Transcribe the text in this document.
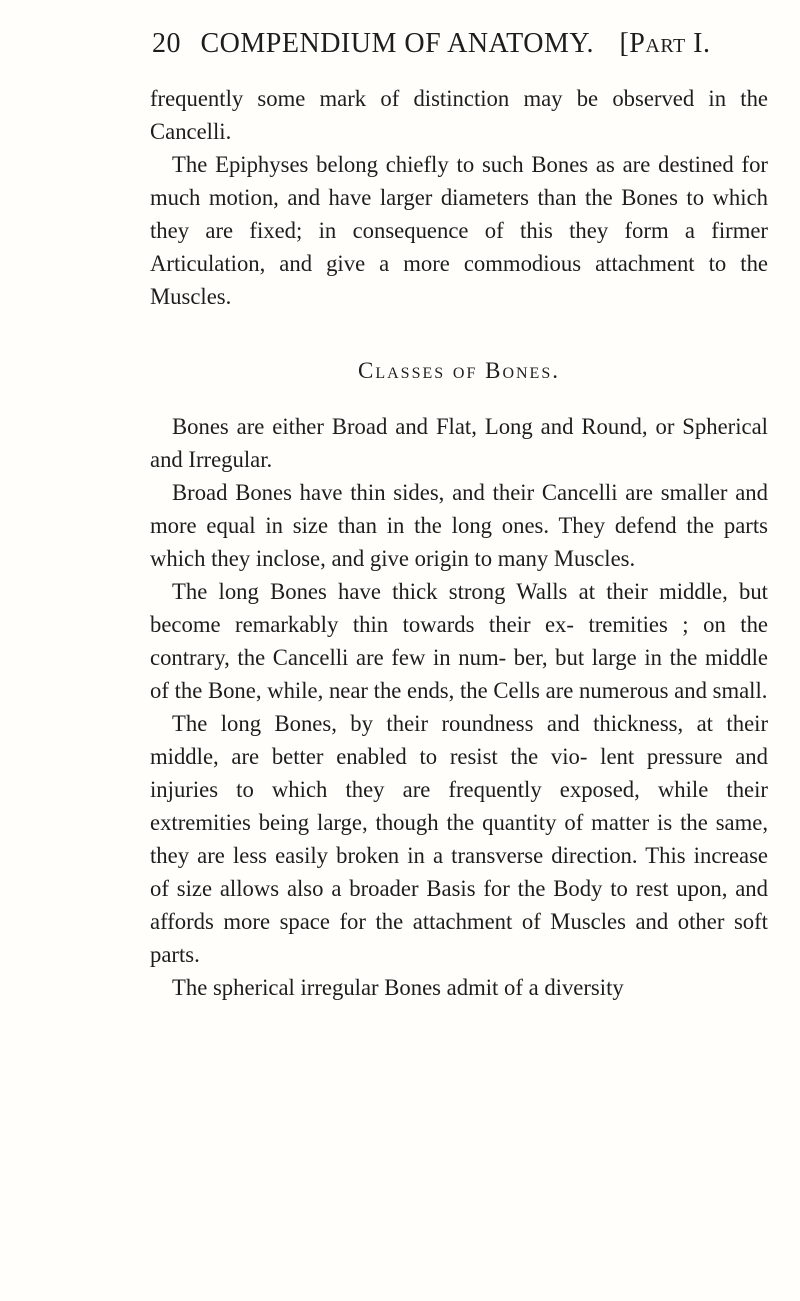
20 COMPENDIUM OF ANATOMY. [Part I.

frequently some mark of distinction may be observed in the Cancelli.

The Epiphyses belong chiefly to such Bones as are destined for much motion, and have larger diameters than the Bones to which they are fixed; in consequence of this they form a firmer Articulation, and give a more commodious attachment to the Muscles.

Classes of Bones.

Bones are either Broad and Flat, Long and Round, or Spherical and Irregular.

Broad Bones have thin sides, and their Cancelli are smaller and more equal in size than in the long ones. They defend the parts which they inclose, and give origin to many Muscles.

The long Bones have thick strong Walls at their middle, but become remarkably thin towards their ex- tremities ; on the contrary, the Cancelli are few in num- ber, but large in the middle of the Bone, while, near the ends, the Cells are numerous and small.

The long Bones, by their roundness and thickness, at their middle, are better enabled to resist the vio- lent pressure and injuries to which they are frequently exposed, while their extremities being large, though the quantity of matter is the same, they are less easily broken in a transverse direction. This increase of size allows also a broader Basis for the Body to rest upon, and affords more space for the attachment of Muscles and other soft parts.

The spherical irregular Bones admit of a diversity
